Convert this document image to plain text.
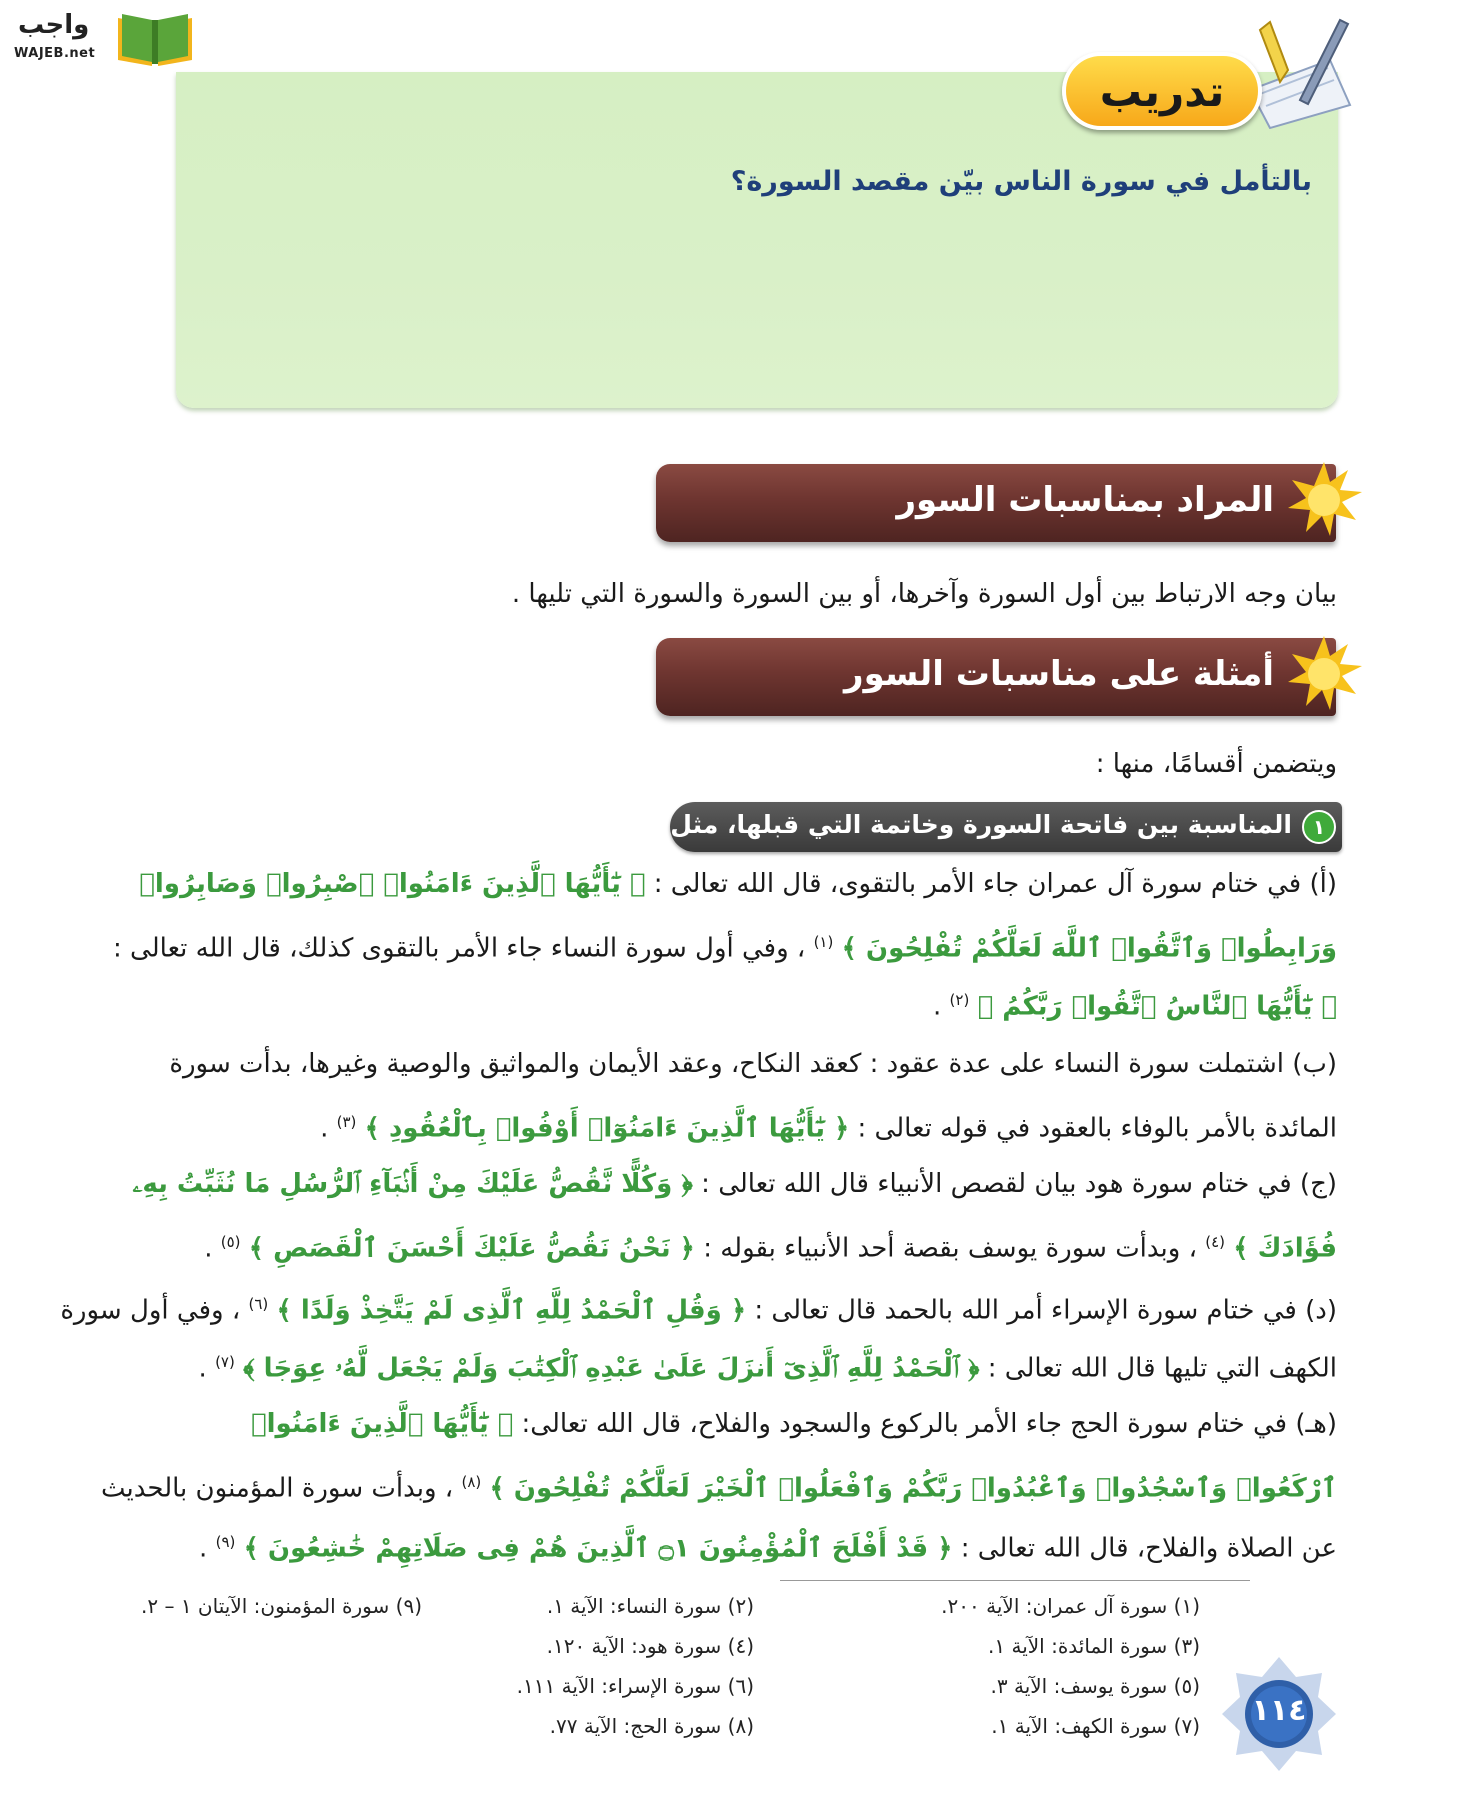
واجب
WAJEB.net
تدريب
بالتأمل في سورة الناس بيّن مقصد السورة؟
المراد بمناسبات السور
بيان وجه الارتباط بين أول السورة وآخرها، أو بين السورة والسورة التي تليها .
أمثلة على مناسبات السور
ويتضمن أقسامًا، منها :
١
المناسبة بين فاتحة السورة وخاتمة التي قبلها، مثل :
(أ) في ختام سورة آل عمران جاء الأمر بالتقوى، قال الله تعالى : ﴿ يَٰٓأَيُّهَا ٱلَّذِينَ ءَامَنُوا۟ ٱصْبِرُوا۟ وَصَابِرُوا۟
وَرَابِطُوا۟ وَٱتَّقُوا۟ ٱللَّهَ لَعَلَّكُمْ تُفْلِحُونَ ﴾ $^{(١)}$ ، وفي أول سورة النساء جاء الأمر بالتقوى كذلك، قال الله تعالى :
﴿ يَٰٓأَيُّهَا ٱلنَّاسُ ٱتَّقُوا۟ رَبَّكُمُ ﴾ $^{(٢)}$ .
(ب) اشتملت سورة النساء على عدة عقود : كعقد النكاح، وعقد الأيمان والمواثيق والوصية وغيرها، بدأت سورة
المائدة بالأمر بالوفاء بالعقود في قوله تعالى : ﴿ يَٰٓأَيُّهَا ٱلَّذِينَ ءَامَنُوٓا۟ أَوْفُوا۟ بِٱلْعُقُودِ ﴾ $^{(٣)}$ .
(ج) في ختام سورة هود بيان لقصص الأنبياء قال الله تعالى : ﴿ وَكُلًّا نَّقُصُّ عَلَيْكَ مِنْ أَنۢبَآءِ ٱلرُّسُلِ مَا نُثَبِّتُ بِهِۦ
فُؤَادَكَ ﴾ $^{(٤)}$ ، وبدأت سورة يوسف بقصة أحد الأنبياء بقوله : ﴿ نَحْنُ نَقُصُّ عَلَيْكَ أَحْسَنَ ٱلْقَصَصِ ﴾ $^{(٥)}$ .
(د) في ختام سورة الإسراء أمر الله بالحمد قال تعالى : ﴿ وَقُلِ ٱلْحَمْدُ لِلَّهِ ٱلَّذِى لَمْ يَتَّخِذْ وَلَدًا ﴾ $^{(٦)}$ ، وفي أول سورة
الكهف التي تليها قال الله تعالى : ﴿ ٱلْحَمْدُ لِلَّهِ ٱلَّذِىٓ أَنزَلَ عَلَىٰ عَبْدِهِ ٱلْكِتَٰبَ وَلَمْ يَجْعَل لَّهُۥ عِوَجَا ﴾ $^{(٧)}$ .
(هـ) في ختام سورة الحج جاء الأمر بالركوع والسجود والفلاح، قال الله تعالى: ﴿ يَٰٓأَيُّهَا ٱلَّذِينَ ءَامَنُوا۟
ٱرْكَعُوا۟ وَٱسْجُدُوا۟ وَٱعْبُدُوا۟ رَبَّكُمْ وَٱفْعَلُوا۟ ٱلْخَيْرَ لَعَلَّكُمْ تُفْلِحُونَ ﴾ $^{(٨)}$ ، وبدأت سورة المؤمنون بالحديث
عن الصلاة والفلاح، قال الله تعالى : ﴿ قَدْ أَفْلَحَ ٱلْمُؤْمِنُونَ ۝١ ٱلَّذِينَ هُمْ فِى صَلَاتِهِمْ خَٰشِعُونَ ﴾ $^{(٩)}$ .
(١) سورة آل عمران: الآية ٢٠٠.
(٢) سورة النساء: الآية ١.
(٩) سورة المؤمنون: الآيتان ١ – ٢.
(٣) سورة المائدة: الآية ١.
(٤) سورة هود: الآية ١٢٠.
(٥) سورة يوسف: الآية ٣.
(٦) سورة الإسراء: الآية ١١١.
(٧) سورة الكهف: الآية ١.
(٨) سورة الحج: الآية ٧٧.	١١٤
